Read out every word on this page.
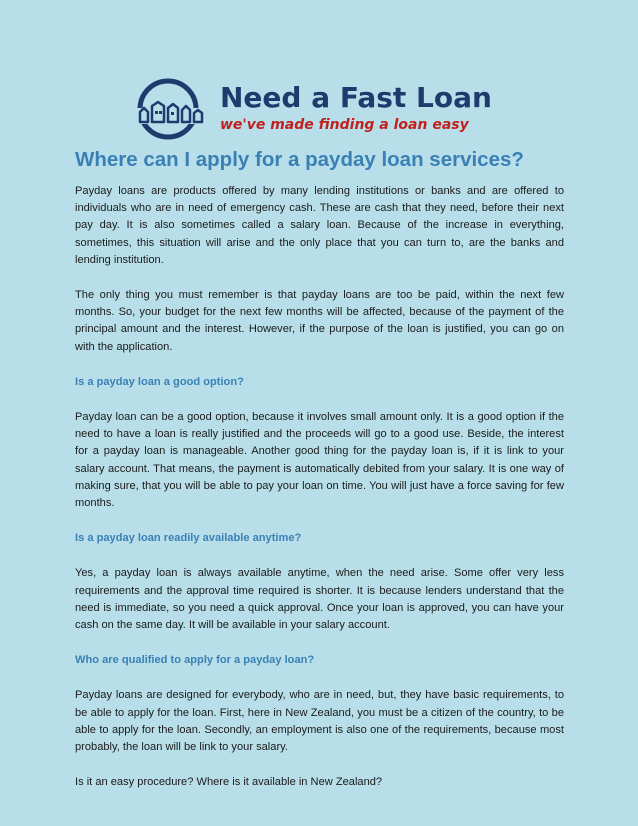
Need a Fast Loan
we've made finding a loan easy
Where can I apply for a payday loan services?

Payday loans are products offered by many lending institutions or banks and are offered to individuals who are in need of emergency cash. These are cash that they need, before their next pay day. It is also sometimes called a salary loan. Because of the increase in everything, sometimes, this situation will arise and the only place that you can turn to, are the banks and lending institution.

The only thing you must remember is that payday loans are too be paid, within the next few months. So, your budget for the next few months will be affected, because of the payment of the principal amount and the interest. However, if the purpose of the loan is justified, you can go on with the application.

Is a payday loan a good option?

Payday loan can be a good option, because it involves small amount only. It is a good option if the need to have a loan is really justified and the proceeds will go to a good use. Beside, the interest for a payday loan is manageable. Another good thing for the payday loan is, if it is link to your salary account. That means, the payment is automatically debited from your salary. It is one way of making sure, that you will be able to pay your loan on time. You will just have a force saving for few months.

Is a payday loan readily available anytime?

Yes, a payday loan is always available anytime, when the need arise. Some offer very less requirements and the approval time required is shorter. It is because lenders understand that the need is immediate, so you need a quick approval. Once your loan is approved, you can have your cash on the same day. It will be available in your salary account.

Who are qualified to apply for a payday loan?

Payday loans are designed for everybody, who are in need, but, they have basic requirements, to be able to apply for the loan. First, here in New Zealand, you must be a citizen of the country, to be able to apply for the loan. Secondly, an employment is also one of the requirements, because most probably, the loan will be link to your salary.

Is it an easy procedure? Where is it available in New Zealand?
